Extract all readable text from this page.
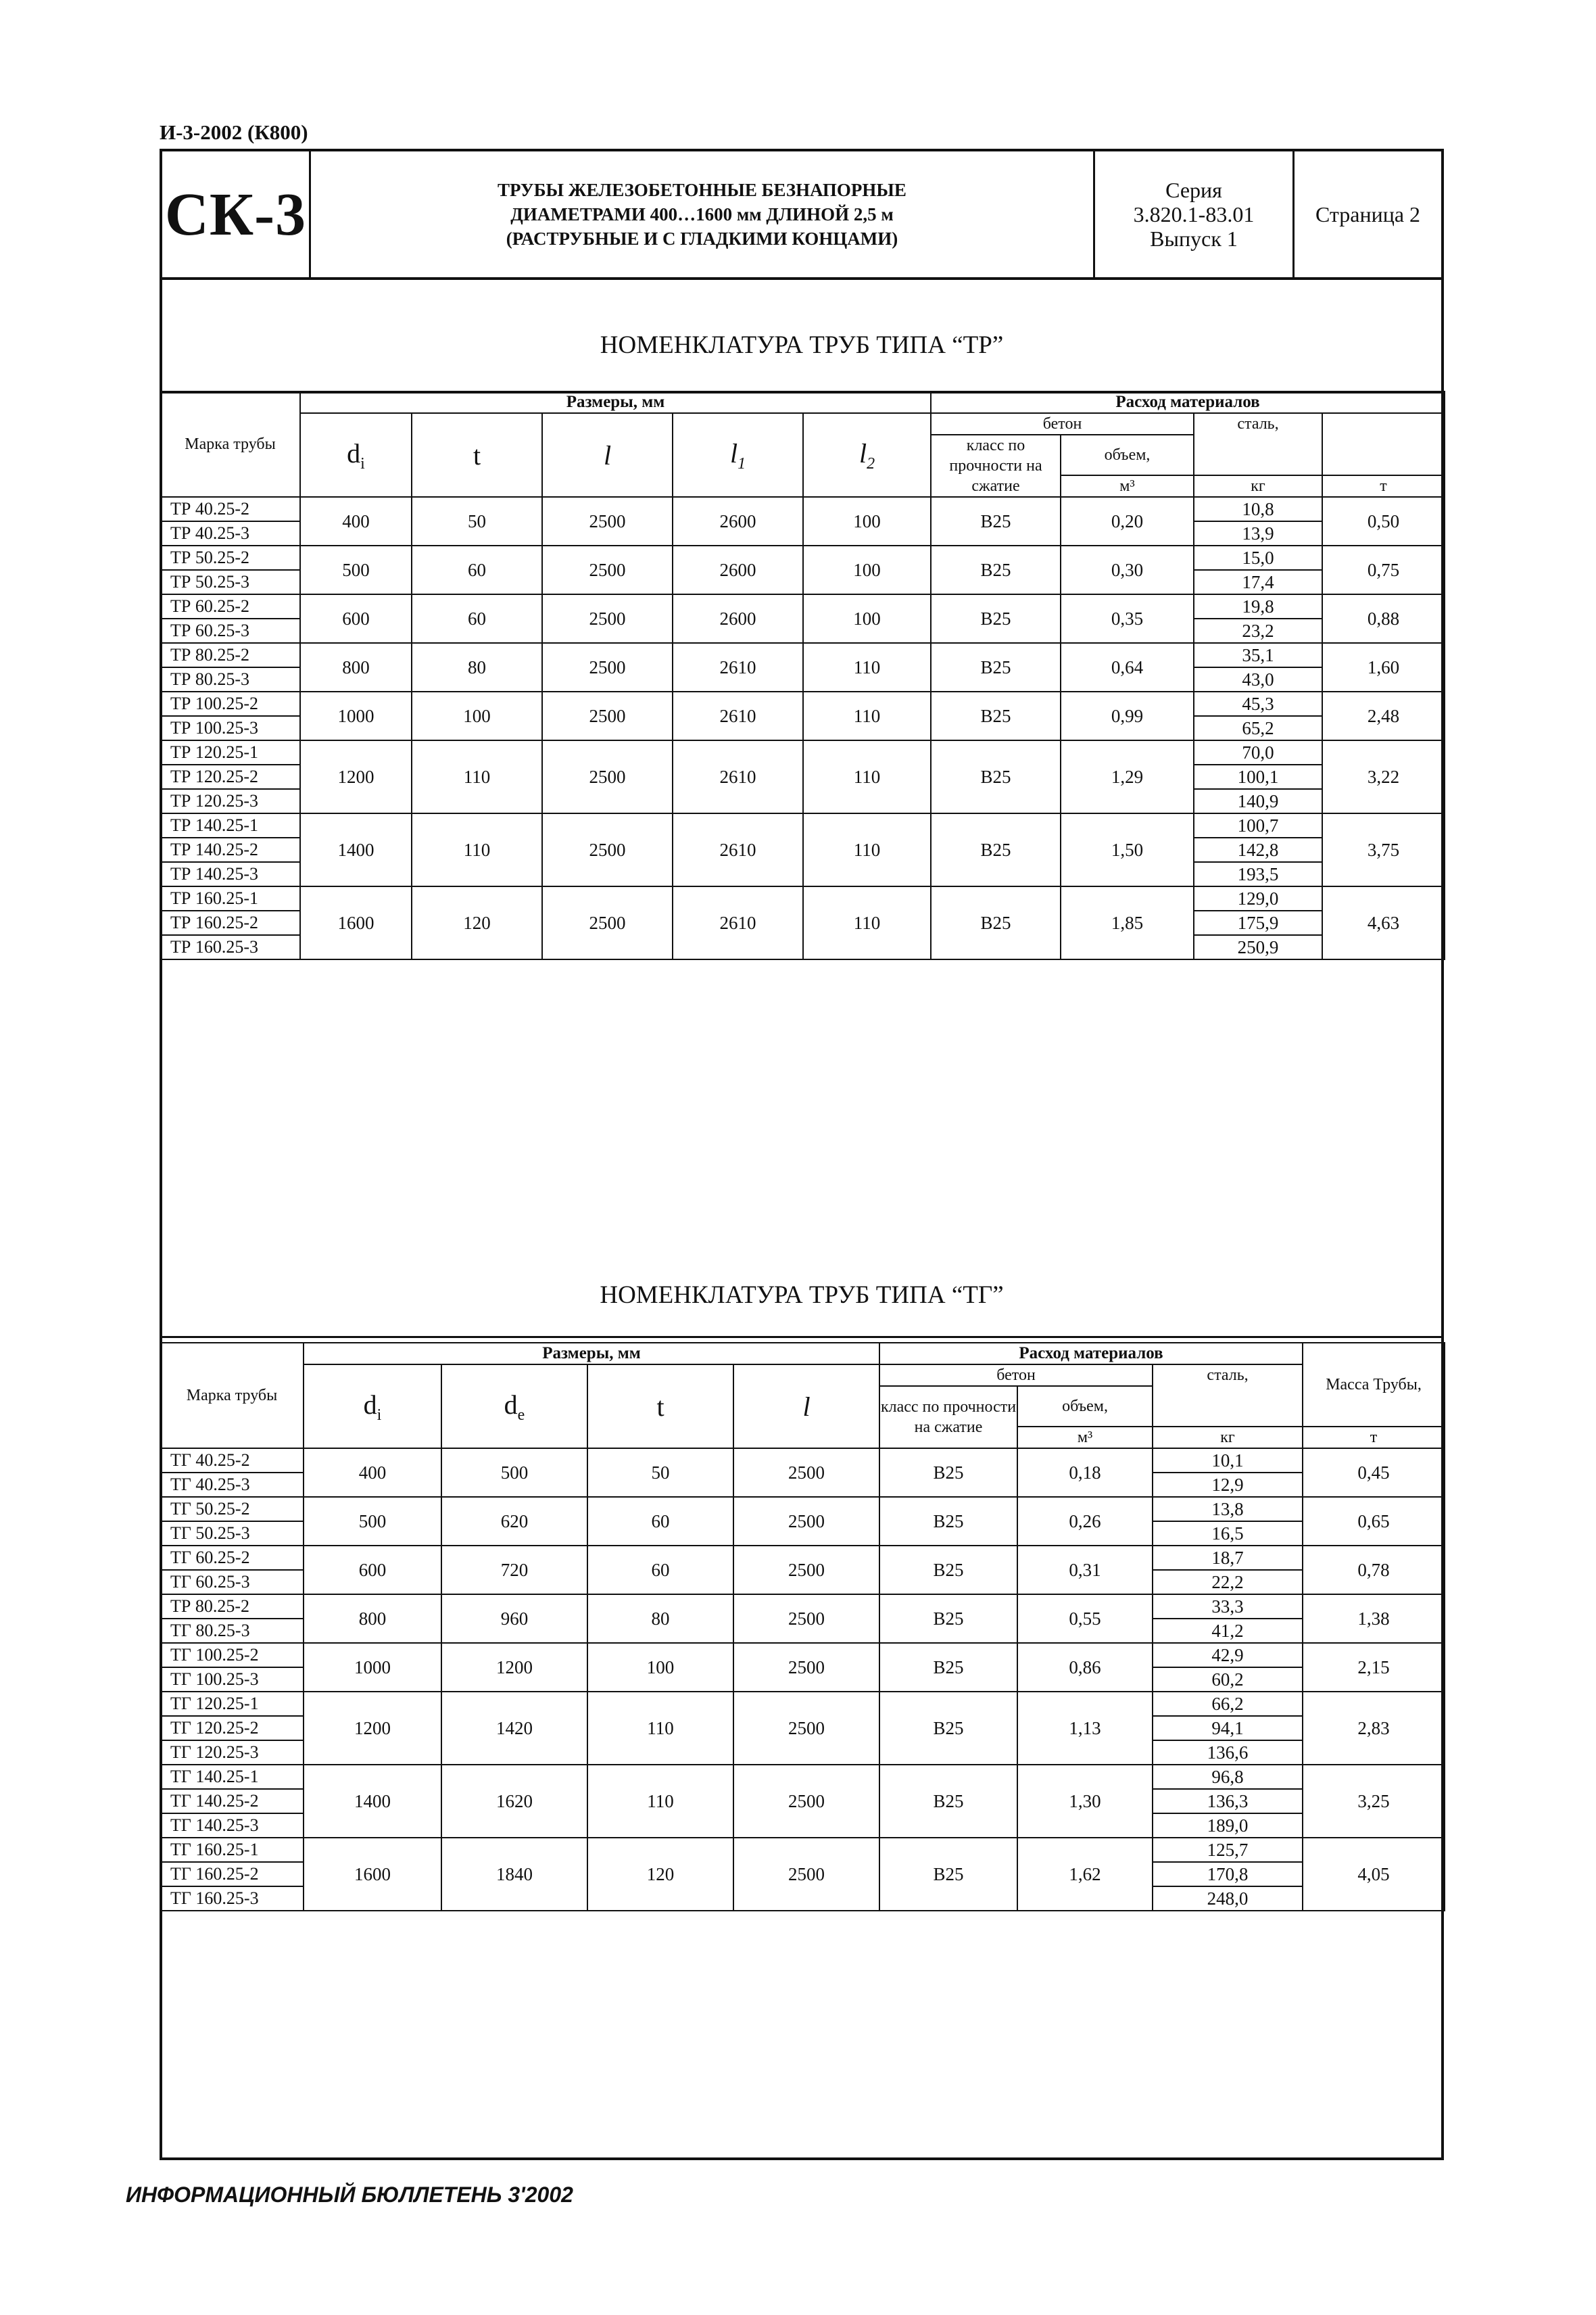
И-3-2002 (К800)
СК-3	ТРУБЫ ЖЕЛЕЗОБЕТОННЫЕ БЕЗНАПОРНЫЕ
ДИАМЕТРАМИ 400…1600 мм ДЛИНОЙ 2,5 м
(РАСТРУБНЫЕ И С ГЛАДКИМИ КОНЦАМИ)
Серия
3.820.1-83.01
Выпуск 1
Страница 2
НОМЕНКЛАТУРА ТРУБ ТИПА “ТР”
НОМЕНКЛАТУРА ТРУБ ТИПА “ТГ”
Марка трубы	Размеры, мм					Расход материалов	
	$d_i$	t	l	$l_1$	$l_2$	бетон		сталь,		
						класс по прочности на сжатие	объем,			
							м³	кг	т	
ТР 40.25-2	400	50	2500	2600	100	В25	0,20	10,8	0,50	
ТР 40.25-3								13,9		
ТР 50.25-2	500	60	2500	2600	100	В25	0,30	15,0	0,75	
ТР 50.25-3								17,4		
ТР 60.25-2	600	60	2500	2600	100	В25	0,35	19,8	0,88	
ТР 60.25-3								23,2		
ТР 80.25-2	800	80	2500	2610	110	В25	0,64	35,1	1,60	
ТР 80.25-3								43,0		
ТР 100.25-2	1000	100	2500	2610	110	В25	0,99	45,3	2,48	
ТР 100.25-3								65,2		
ТР 120.25-1	1200	110	2500	2610	110	В25	1,29	70,0	3,22	
ТР 120.25-2								100,1		
ТР 120.25-3								140,9		
ТР 140.25-1	1400	110	2500	2610	110	В25	1,50	100,7	3,75	
ТР 140.25-2								142,8		
ТР 140.25-3								193,5		
ТР 160.25-1	1600	120	2500	2610	110	В25	1,85	129,0	4,63	
ТР 160.25-2								175,9		
ТР 160.25-3								250,9		
Марка трубы	Размеры, мм				Расход материалов			Масса Трубы,
	$d_i$	$d_e$	t	l	бетон		сталь,	
					класс по прочности на сжатие	объем,		
						м³	кг	т
ТГ 40.25-2	400	500	50	2500	В25	0,18	10,1	0,45
ТГ 40.25-3							12,9	
ТГ 50.25-2	500	620	60	2500	В25	0,26	13,8	0,65
ТГ 50.25-3							16,5	
ТГ 60.25-2	600	720	60	2500	В25	0,31	18,7	0,78
ТГ 60.25-3							22,2	
ТР 80.25-2	800	960	80	2500	В25	0,55	33,3	1,38
ТГ 80.25-3							41,2	
ТГ 100.25-2	1000	1200	100	2500	В25	0,86	42,9	2,15
ТГ 100.25-3							60,2	
ТГ 120.25-1	1200	1420	110	2500	В25	1,13	66,2	2,83
ТГ 120.25-2							94,1	
ТГ 120.25-3							136,6	
ТГ 140.25-1	1400	1620	110	2500	В25	1,30	96,8	3,25
ТГ 140.25-2							136,3	
ТГ 140.25-3							189,0	
ТГ 160.25-1	1600	1840	120	2500	В25	1,62	125,7	4,05
ТГ 160.25-2							170,8	
ТГ 160.25-3							248,0	
ИНФОРМАЦИОННЫЙ БЮЛЛЕТЕНЬ 3'2002
